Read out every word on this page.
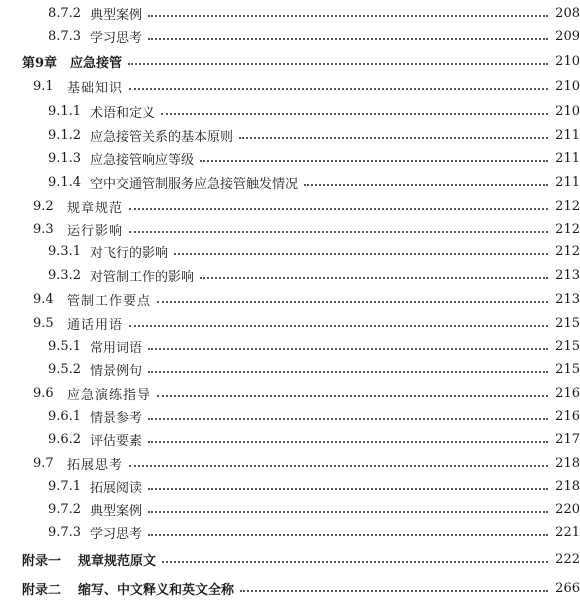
8.7.2 典型案例	208
8.7.3 学习思考	209
第9章 应急接管	210
9.1	基础知识	210
9.1.1 术语和定义	210
9.1.2 应急接管关系的基本原则	211
9.1.3 应急接管响应等级	211
9.1.4 空中交通管制服务应急接管触发情况	211
9.2	规章规范	212
9.3	运行影响	212
9.3.1 对飞行的影响	212
9.3.2 对管制工作的影响	213
9.4	管制工作要点	213
9.5	通话用语	215
9.5.1 常用词语	215
9.5.2 情景例句	215
9.6	应急演练指导	216
9.6.1 情景参考	216
9.6.2 评估要素	217
9.7	拓展思考	218
9.7.1 拓展阅读	218
9.7.2 典型案例	220
9.7.3 学习思考	221
附录一	规章规范原文	222
附录二	缩写、中文释义和英文全称	266
